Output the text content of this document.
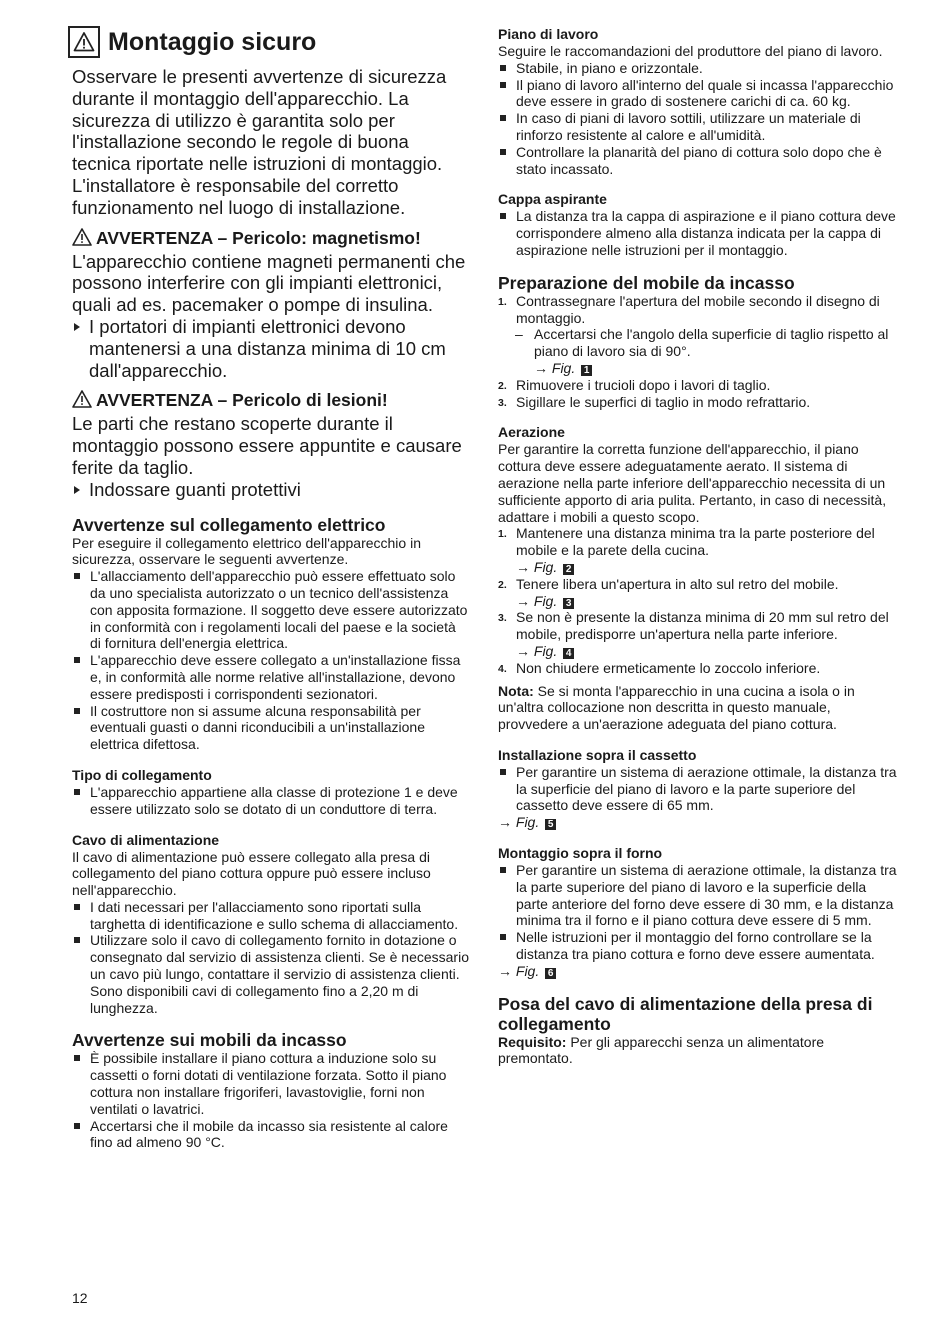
Montaggio sicuro

Osservare le presenti avvertenze di sicurezza durante il montaggio dell'apparecchio. La sicurezza di utilizzo è garantita solo per l'installazione secondo le regole di buona tecnica riportate nelle istruzioni di montaggio. L'installatore è responsabile del corretto funzionamento nel luogo di installazione.

AVVERTENZA – Pericolo: magnetismo!

L'apparecchio contiene magneti permanenti che possono interferire con gli impianti elettronici, quali ad es. pacemaker o pompe di insulina.

I portatori di impianti elettronici devono mantenersi a una distanza minima di 10 cm dall'apparecchio.
AVVERTENZA – Pericolo di lesioni!

Le parti che restano scoperte durante il montaggio possono essere appuntite e causare ferite da taglio.

Indossare guanti protettivi
Avvertenze sul collegamento elettrico

Per eseguire il collegamento elettrico dell'apparecchio in sicurezza, osservare le seguenti avvertenze.

L'allacciamento dell'apparecchio può essere effettuato solo da uno specialista autorizzato o un tecnico dell'assistenza con apposita formazione. Il soggetto deve essere autorizzato in conformità con i regolamenti locali del paese e la società di fornitura dell'energia elettrica.
L'apparecchio deve essere collegato a un'installazione fissa e, in conformità alle norme relative all'installazione, devono essere predisposti i corrispondenti sezionatori.
Il costruttore non si assume alcuna responsabilità per eventuali guasti o danni riconducibili a un'installazione elettrica difettosa.
Tipo di collegamento
L'apparecchio appartiene alla classe di protezione 1 e deve essere utilizzato solo se dotato di un conduttore di terra.
Cavo di alimentazione

Il cavo di alimentazione può essere collegato alla presa di collegamento del piano cottura oppure può essere incluso nell'apparecchio.

I dati necessari per l'allacciamento sono riportati sulla targhetta di identificazione e sullo schema di allacciamento.
Utilizzare solo il cavo di collegamento fornito in dotazione o consegnato dal servizio di assistenza clienti. Se è necessario un cavo più lungo, contattare il servizio di assistenza clienti. Sono disponibili cavi di collegamento fino a 2,20 m di lunghezza.
Avvertenze sui mobili da incasso
È possibile installare il piano cottura a induzione solo su cassetti o forni dotati di ventilazione forzata. Sotto il piano cottura non installare frigoriferi, lavastoviglie, forni non ventilati o lavatrici.
Accertarsi che il mobile da incasso sia resistente al calore fino ad almeno 90 °C.
Piano di lavoro

Seguire le raccomandazioni del produttore del piano di lavoro.

Stabile, in piano e orizzontale.
Il piano di lavoro all'interno del quale si incassa l'apparecchio deve essere in grado di sostenere carichi di ca. 60 kg.
In caso di piani di lavoro sottili, utilizzare un materiale di rinforzo resistente al calore e all'umidità.
Controllare la planarità del piano di cottura solo dopo che è stato incassato.
Cappa aspirante
La distanza tra la cappa di aspirazione e il piano cottura deve corrispondere almeno alla distanza indicata per la cappa di aspirazione nelle istruzioni per il montaggio.
Preparazione del mobile da incasso
1. Contrassegnare l'apertura del mobile secondo il disegno di montaggio.
– Accertarsi che l'angolo della superficie di taglio rispetto al piano di lavoro sia di 90°.
→ Fig. 1
2. Rimuovere i trucioli dopo i lavori di taglio.
3. Sigillare le superfici di taglio in modo refrattario.
Aerazione

Per garantire la corretta funzione dell'apparecchio, il piano cottura deve essere adeguatamente aerato. Il sistema di aerazione nella parte inferiore dell'apparecchio necessita di un sufficiente apporto di aria pulita. Pertanto, in caso di necessità, adattare i mobili a questo scopo.

1. Mantenere una distanza minima tra la parte posteriore del mobile e la parete della cucina.
→ Fig. 2
2. Tenere libera un'apertura in alto sul retro del mobile.
→ Fig. 3
3. Se non è presente la distanza minima di 20 mm sul retro del mobile, predisporre un'apertura nella parte inferiore.
→ Fig. 4
4. Non chiudere ermeticamente lo zoccolo inferiore.

Nota: Se si monta l'apparecchio in una cucina a isola o in un'altra collocazione non descritta in questo manuale, provvedere a un'aerazione adeguata del piano cottura.

Installazione sopra il cassetto
Per garantire un sistema di aerazione ottimale, la distanza tra la superficie del piano di lavoro e la parte superiore del cassetto deve essere di 65 mm.
→ Fig. 5
Montaggio sopra il forno
Per garantire un sistema di aerazione ottimale, la distanza tra la parte superiore del piano di lavoro e la superficie della parte anteriore del forno deve essere di 30 mm, e la distanza minima tra il forno e il piano cottura deve essere di 5 mm.
Nelle istruzioni per il montaggio del forno controllare se la distanza tra piano cottura e forno deve essere aumentata.
→ Fig. 6
Posa del cavo di alimentazione della presa di collegamento

Requisito: Per gli apparecchi senza un alimentatore premontato.

12
